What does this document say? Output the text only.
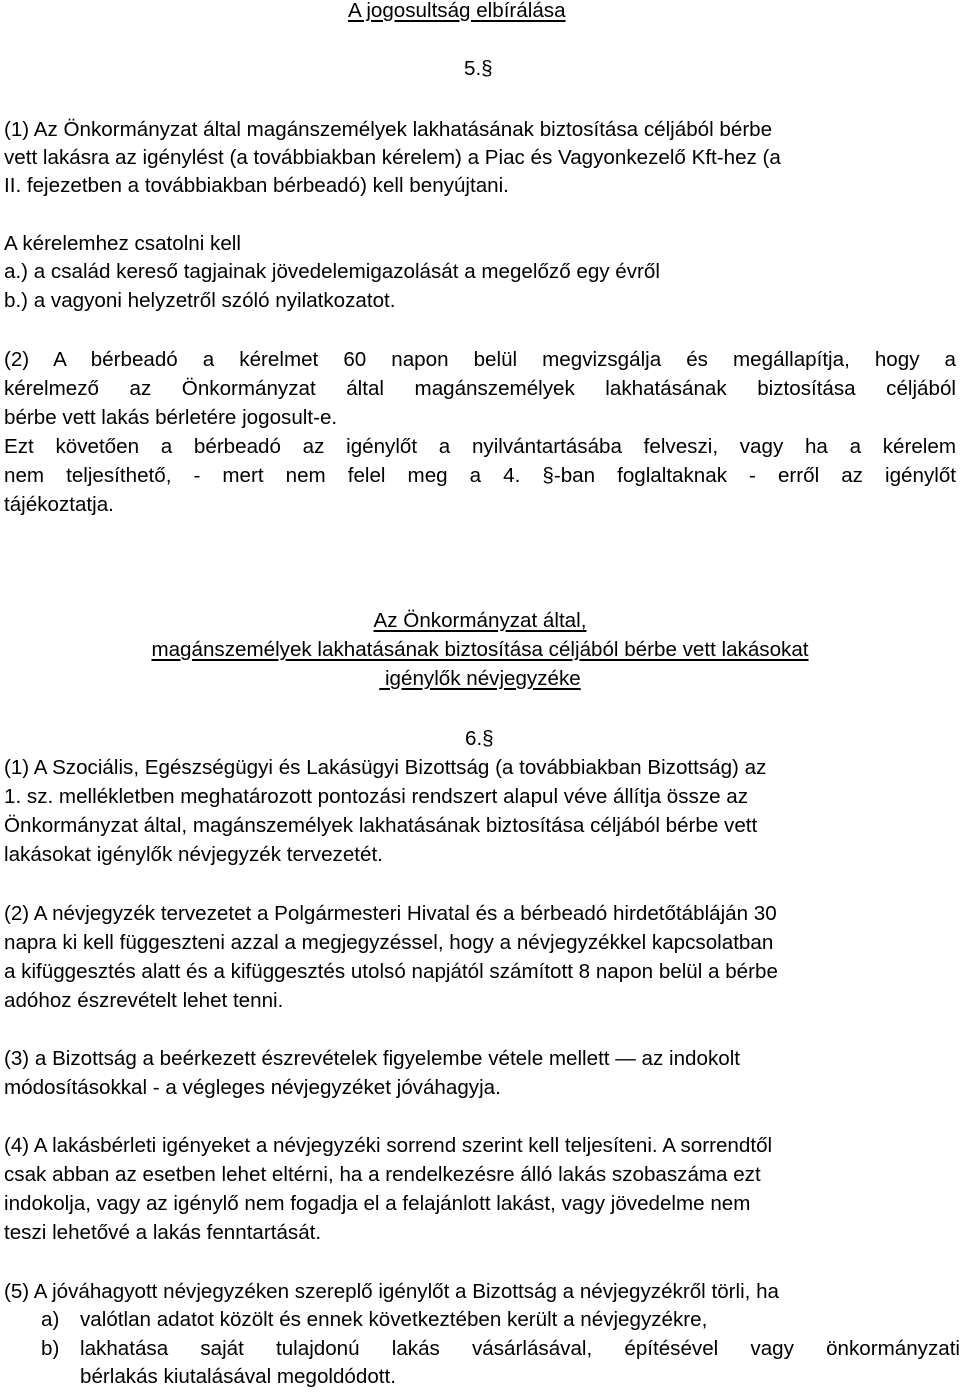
A jogosultság elbírálása
5.§
(1) Az Önkormányzat által magánszemélyek lakhatásának biztosítása céljából bérbe
vett lakásra az igénylést (a továbbiakban kérelem) a Piac és Vagyonkezelő Kft-hez (a
II. fejezetben a továbbiakban bérbeadó) kell benyújtani.
A kérelemhez csatolni kell
a.) a család kereső tagjainak jövedelemigazolását a megelőző egy évről
b.) a vagyoni helyzetről szóló nyilatkozatot.
(2) A bérbeadó a kérelmet 60 napon belül megvizsgálja és megállapítja, hogy a
kérelmező az Önkormányzat által magánszemélyek lakhatásának biztosítása céljából
bérbe vett lakás bérletére jogosult-e.
Ezt követően a bérbeadó az igénylőt a nyilvántartásába felveszi, vagy ha a kérelem
nem teljesíthető, - mert nem felel meg a 4. §-ban foglaltaknak - erről az igénylőt
tájékoztatja.
Az Önkormányzat által,
magánszemélyek lakhatásának biztosítása céljából bérbe vett lakásokat
igénylők névjegyzéke
6.§
(1) A Szociális, Egészségügyi és Lakásügyi Bizottság (a továbbiakban Bizottság) az
1. sz. mellékletben meghatározott pontozási rendszert alapul véve állítja össze az
Önkormányzat által, magánszemélyek lakhatásának biztosítása céljából bérbe vett
lakásokat igénylők névjegyzék tervezetét.
(2) A névjegyzék tervezetet a Polgármesteri Hivatal és a bérbeadó hirdetőtábláján 30
napra ki kell függeszteni azzal a megjegyzéssel, hogy a névjegyzékkel kapcsolatban
a kifüggesztés alatt és a kifüggesztés utolsó napjától számított 8 napon belül a bérbe
adóhoz észrevételt lehet tenni.
(3) a Bizottság a beérkezett észrevételek figyelembe vétele mellett — az indokolt
módosításokkal - a végleges névjegyzéket jóváhagyja.
(4) A lakásbérleti igényeket a névjegyzéki sorrend szerint kell teljesíteni. A sorrendtől
csak abban az esetben lehet eltérni, ha a rendelkezésre álló lakás szobaszáma ezt
indokolja, vagy az igénylő nem fogadja el a felajánlott lakást, vagy jövedelme nem
teszi lehetővé a lakás fenntartását.
(5) A jóváhagyott névjegyzéken szereplő igénylőt a Bizottság a névjegyzékről törli, ha
a) valótlan adatot közölt és ennek következtében került a névjegyzékre,
b) lakhatása saját tulajdonú lakás vásárlásával, építésével vagy önkormányzati
bérlakás kiutalásával megoldódott.
